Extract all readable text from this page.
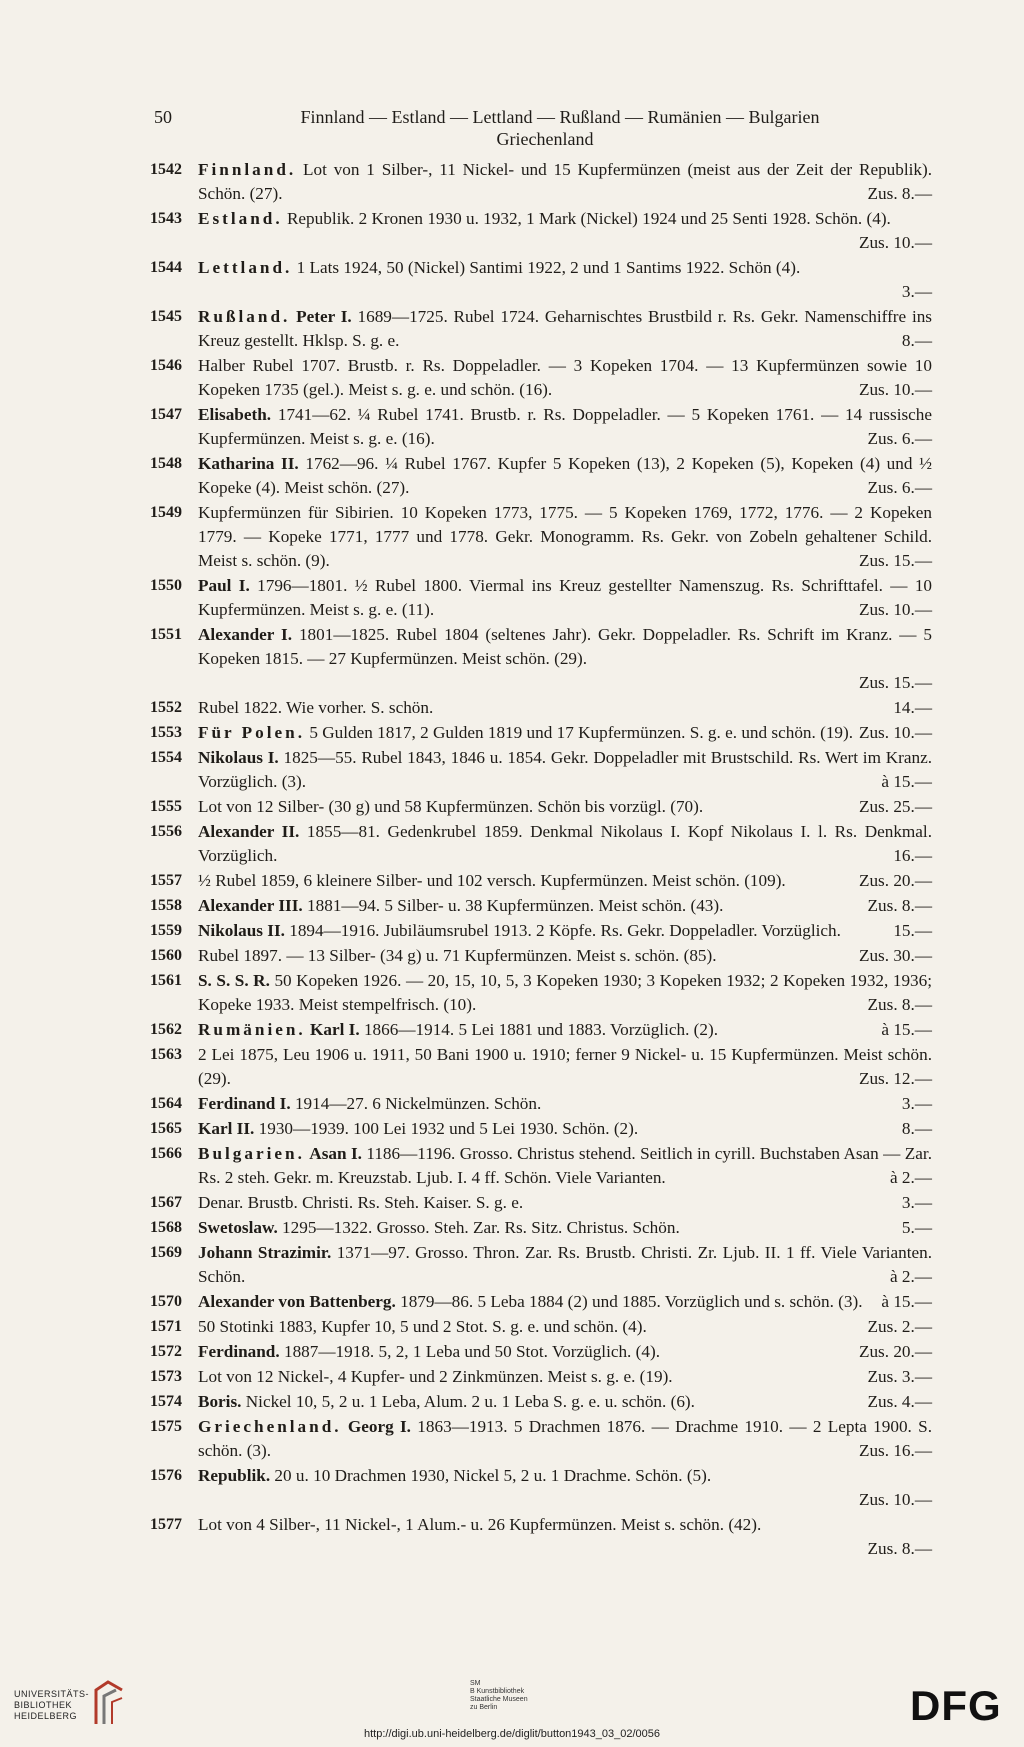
50	Finnland — Estland — Lettland — Rußland — Rumänien — Bulgarien
Griechenland
1542 Finnland. Lot von 1 Silber-, 11 Nickel- und 15 Kupfermünzen (meist aus der Zeit der Republik). Schön. (27).	Zus. 8.—
1543 Estland. Republik. 2 Kronen 1930 u. 1932, 1 Mark (Nickel) 1924 und 25 Senti 1928. Schön. (4).
Zus. 10.—
1544 Lettland. 1 Lats 1924, 50 (Nickel) Santimi 1922, 2 und 1 Santims 1922. Schön (4).
3.—
1545 Rußland. Peter I. 1689—1725. Rubel 1724. Geharnischtes Brustbild r. Rs. Gekr. Namenschiffre ins Kreuz gestellt. Hklsp. S. g. e.	8.—
1546 Halber Rubel 1707. Brustb. r. Rs. Doppeladler. — 3 Kopeken 1704. — 13 Kupfermünzen sowie 10 Kopeken 1735 (gel.). Meist s. g. e. und schön. (16).	Zus. 10.—
1547 Elisabeth. 1741—62. ¼ Rubel 1741. Brustb. r. Rs. Doppeladler. — 5 Kopeken 1761. — 14 russische Kupfermünzen. Meist s. g. e. (16).	Zus. 6.—
1548 Katharina II. 1762—96. ¼ Rubel 1767. Kupfer 5 Kopeken (13), 2 Kopeken (5), Kopeken (4) und ½ Kopeke (4). Meist schön. (27).	Zus. 6.—
1549 Kupfermünzen für Sibirien. 10 Kopeken 1773, 1775. — 5 Kopeken 1769, 1772, 1776. — 2 Kopeken 1779. — Kopeke 1771, 1777 und 1778. Gekr. Monogramm. Rs. Gekr. von Zobeln gehaltener Schild. Meist s. schön. (9).	Zus. 15.—
1550 Paul I. 1796—1801. ½ Rubel 1800. Viermal ins Kreuz gestellter Namenszug. Rs. Schrifttafel. — 10 Kupfermünzen. Meist s. g. e. (11).	Zus. 10.—
1551 Alexander I. 1801—1825. Rubel 1804 (seltenes Jahr). Gekr. Doppeladler. Rs. Schrift im Kranz. — 5 Kopeken 1815. — 27 Kupfermünzen. Meist schön. (29).
Zus. 15.—
1552 Rubel 1822. Wie vorher. S. schön.	14.—
1553 Für Polen. 5 Gulden 1817, 2 Gulden 1819 und 17 Kupfermünzen. S. g. e. und schön. (19). Zus. 10.—
1554 Nikolaus I. 1825—55. Rubel 1843, 1846 u. 1854. Gekr. Doppeladler mit Brustschild. Rs. Wert im Kranz. Vorzüglich. (3).	à 15.—
1555 Lot von 12 Silber- (30 g) und 58 Kupfermünzen. Schön bis vorzügl. (70).	Zus. 25.—
1556 Alexander II. 1855—81. Gedenkrubel 1859. Denkmal Nikolaus I. Kopf Nikolaus I. l. Rs. Denkmal. Vorzüglich.	16.—
1557 ½ Rubel 1859, 6 kleinere Silber- und 102 versch. Kupfermünzen. Meist schön. (109).	Zus. 20.—
1558 Alexander III. 1881—94. 5 Silber- u. 38 Kupfermünzen. Meist schön. (43).	Zus. 8.—
1559 Nikolaus II. 1894—1916. Jubiläumsrubel 1913. 2 Köpfe. Rs. Gekr. Doppeladler. Vorzüglich.	15.—
1560 Rubel 1897. — 13 Silber- (34 g) u. 71 Kupfermünzen. Meist s. schön. (85).	Zus. 30.—
1561 S. S. S. R. 50 Kopeken 1926. — 20, 15, 10, 5, 3 Kopeken 1930; 3 Kopeken 1932; 2 Kopeken 1932, 1936; Kopeke 1933. Meist stempelfrisch. (10).	Zus. 8.—
1562 Rumänien. Karl I. 1866—1914. 5 Lei 1881 und 1883. Vorzüglich. (2).	à 15.—
1563 2 Lei 1875, Leu 1906 u. 1911, 50 Bani 1900 u. 1910; ferner 9 Nickel- u. 15 Kupfermünzen. Meist schön. (29).	Zus. 12.—
1564 Ferdinand I. 1914—27. 6 Nickelmünzen. Schön.	3.—
1565 Karl II. 1930—1939. 100 Lei 1932 und 5 Lei 1930. Schön. (2).	8.—
1566 Bulgarien. Asan I. 1186—1196. Grosso. Christus stehend. Seitlich in cyrill. Buchstaben Asan — Zar. Rs. 2 steh. Gekr. m. Kreuzstab. Ljub. I. 4 ff. Schön. Viele Varianten.	à 2.—
1567 Denar. Brustb. Christi. Rs. Steh. Kaiser. S. g. e.	3.—
1568 Swetoslaw. 1295—1322. Grosso. Steh. Zar. Rs. Sitz. Christus. Schön.	5.—
1569 Johann Strazimir. 1371—97. Grosso. Thron. Zar. Rs. Brustb. Christi. Zr. Ljub. II. 1 ff. Viele Varianten. Schön.	à 2.—
1570 Alexander von Battenberg. 1879—86. 5 Leba 1884 (2) und 1885. Vorzüglich und s. schön. (3). à 15.—
1571 50 Stotinki 1883, Kupfer 10, 5 und 2 Stot. S. g. e. und schön. (4).	Zus. 2.—
1572 Ferdinand. 1887—1918. 5, 2, 1 Leba und 50 Stot. Vorzüglich. (4).	Zus. 20.—
1573 Lot von 12 Nickel-, 4 Kupfer- und 2 Zinkmünzen. Meist s. g. e. (19).	Zus. 3.—
1574 Boris. Nickel 10, 5, 2 u. 1 Leba, Alum. 2 u. 1 Leba S. g. e. u. schön. (6).	Zus. 4.—
1575 Griechenland. Georg I. 1863—1913. 5 Drachmen 1876. — Drachme 1910. — 2 Lepta 1900. S. schön. (3).	Zus. 16.—
1576 Republik. 20 u. 10 Drachmen 1930, Nickel 5, 2 u. 1 Drachme. Schön. (5).
Zus. 10.—
1577 Lot von 4 Silber-, 11 Nickel-, 1 Alum.- u. 26 Kupfermünzen. Meist s. schön. (42).
Zus. 8.—
UNIVERSITÄTS-
BIBLIOTHEK
HEIDELBERG
SM
B Kunstbibliothek
Staatliche Museen
zu Berlin	DFG
http://digi.ub.uni-heidelberg.de/diglit/button1943_03_02/0056
